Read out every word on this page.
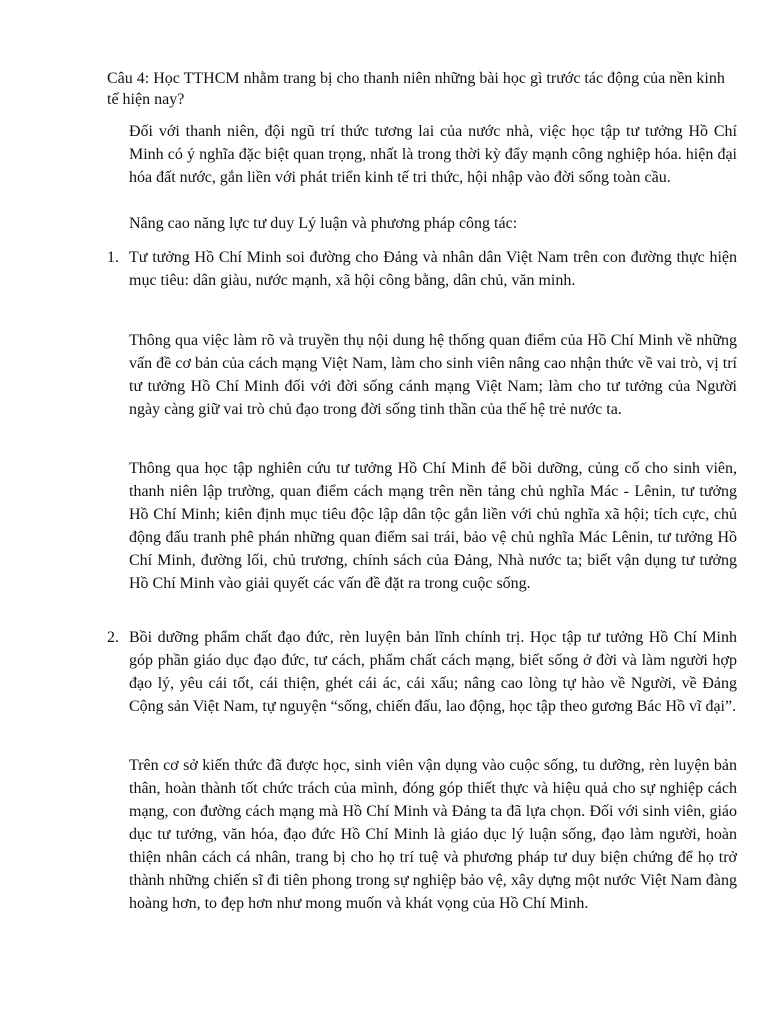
Câu 4: Học TTHCM nhằm trang bị cho thanh niên những bài học gì trước tác động của nền kinh tế hiện nay?

Đối với thanh niên, đội ngũ trí thức tương lai của nước nhà, việc học tập tư tưởng Hồ Chí Minh có ý nghĩa đặc biệt quan trọng, nhất là trong thời kỳ đẩy mạnh công nghiệp hóa. hiện đại hóa đất nước, gắn liền với phát triển kinh tế tri thức, hội nhập vào đời sống toàn cầu.

Nâng cao năng lực tư duy Lý luận và phương pháp công tác:

1. Tư tưởng Hồ Chí Minh soi đường cho Đảng và nhân dân Việt Nam trên con đường thực hiện mục tiêu: dân giàu, nước mạnh, xã hội công bằng, dân chủ, văn minh.

Thông qua việc làm rõ và truyền thụ nội dung hệ thống quan điểm của Hồ Chí Minh về những vấn đề cơ bản của cách mạng Việt Nam, làm cho sinh viên nâng cao nhận thức về vai trò, vị trí tư tưởng Hồ Chí Minh đối với đời sống cánh mạng Việt Nam; làm cho tư tưởng của Người ngày càng giữ vai trò chủ đạo trong đời sống tinh thần của thế hệ trẻ nước ta.

Thông qua học tập nghiên cứu tư tưởng Hồ Chí Minh để bồi dưỡng, củng cố cho sinh viên, thanh niên lập trường, quan điểm cách mạng trên nền tảng chủ nghĩa Mác - Lênin, tư tưởng Hồ Chí Minh; kiên định mục tiêu độc lập dân tộc gắn liền với chủ nghĩa xã hội; tích cực, chủ động đấu tranh phê phán những quan điểm sai trái, bảo vệ chủ nghĩa Mác Lênin, tư tưởng Hồ Chí Minh, đường lối, chủ trương, chính sách của Đảng, Nhà nước ta; biết vận dụng tư tưởng Hồ Chí Minh vào giải quyết các vấn đề đặt ra trong cuộc sống.

2. Bồi dưỡng phẩm chất đạo đức, rèn luyện bản lĩnh chính trị. Học tập tư tưởng Hồ Chí Minh góp phần giáo dục đạo đức, tư cách, phẩm chất cách mạng, biết sống ở đời và làm người hợp đạo lý, yêu cái tốt, cái thiện, ghét cái ác, cái xấu; nâng cao lòng tự hào về Người, về Đảng Cộng sản Việt Nam, tự nguyện “sống, chiến đấu, lao động, học tập theo gương Bác Hồ vĩ đại”.

Trên cơ sở kiến thức đã được học, sinh viên vận dụng vào cuộc sống, tu dưỡng, rèn luyện bản thân, hoàn thành tốt chức trách của mình, đóng góp thiết thực và hiệu quả cho sự nghiệp cách mạng, con đường cách mạng mà Hồ Chí Minh và Đảng ta đã lựa chọn. Đối với sinh viên, giáo dục tư tưởng, văn hóa, đạo đức Hồ Chí Minh là giáo dục lý luận sống, đạo làm người, hoàn thiện nhân cách cá nhân, trang bị cho họ trí tuệ và phương pháp tư duy biện chứng để họ trở thành những chiến sĩ đi tiên phong trong sự nghiệp bảo vệ, xây dựng một nước Việt Nam đàng hoàng hơn, to đẹp hơn như mong muốn và khát vọng của Hồ Chí Minh.
